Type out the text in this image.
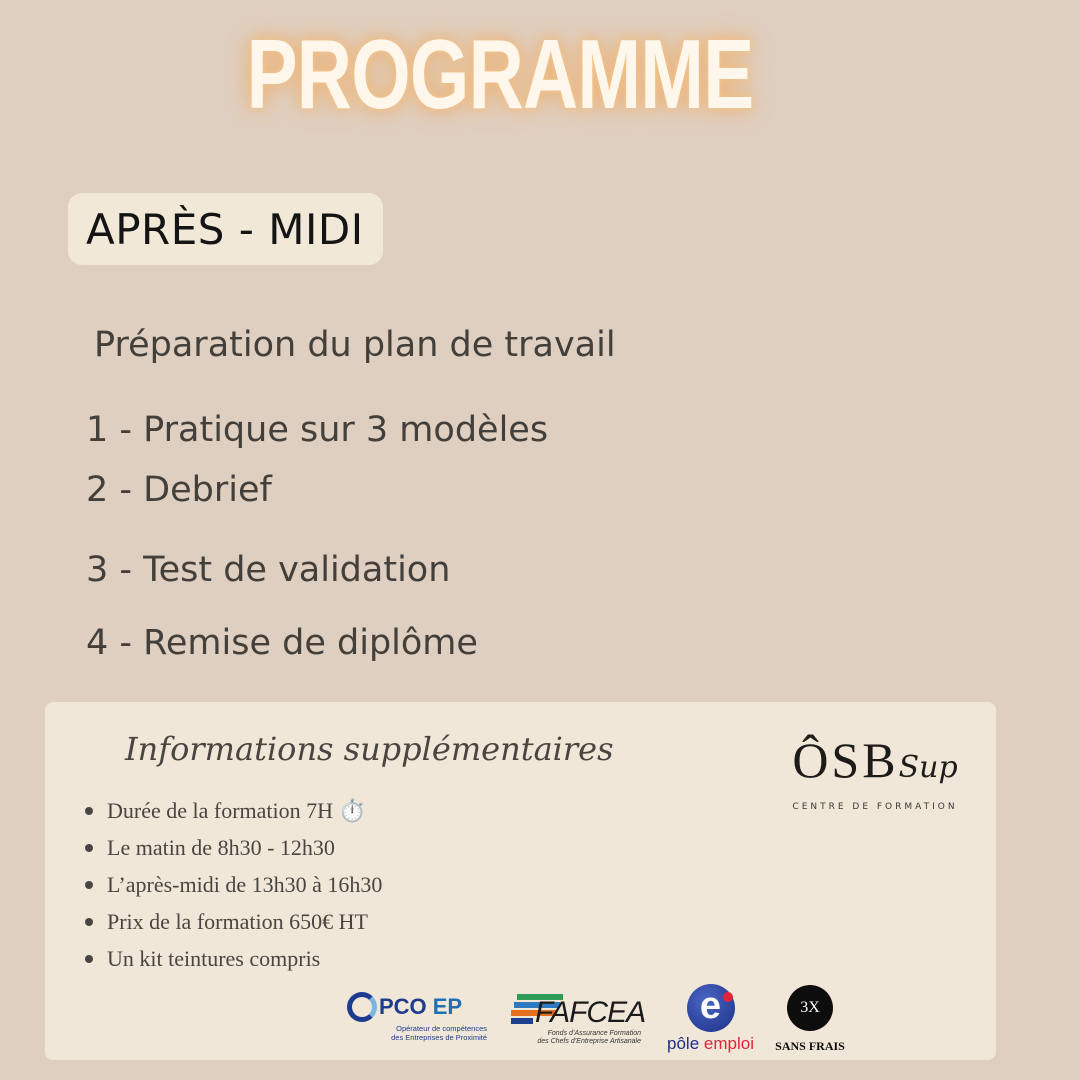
PROGRAMME
APRÈS - MIDI
Préparation du plan de travail
1 - Pratique sur 3 modèles
2 - Debrief
3 - Test de validation
4 - Remise de diplôme
Informations supplémentaires
Durée de la formation 7H ⏱️
Le matin de 8h30 - 12h30
L’après-midi de 13h30 à 16h30
Prix de la formation 650€ HT
Un kit teintures compris
ÔSBSup
CENTRE DE FORMATION
PCO EP
Opérateur de compétences
des Entreprises de Proximité
FAFCEA
Fonds d’Assurance Formation
des Chefs d’Entreprise Artisanale
e
pôle emploi
3X
SANS FRAIS
